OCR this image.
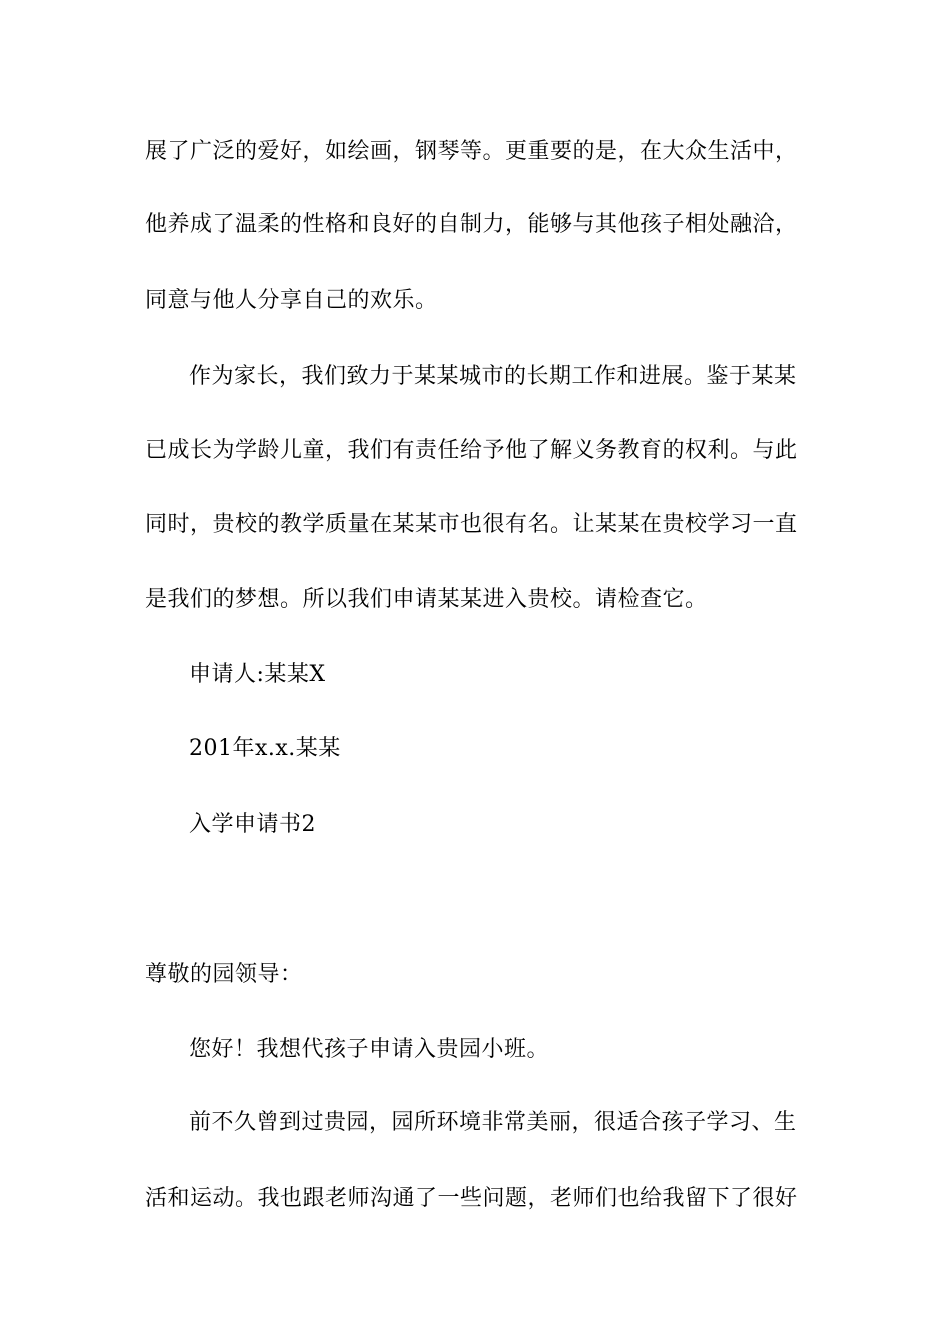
展了广泛的爱好，如绘画，钢琴等。更重要的是，在大众生活中，
他养成了温柔的性格和良好的自制力，能够与其他孩子相处融洽，
同意与他人分享自己的欢乐。
作为家长，我们致力于某某城市的长期工作和进展。鉴于某某
已成长为学龄儿童，我们有责任给予他了解义务教育的权利。与此
同时，贵校的教学质量在某某市也很有名。让某某在贵校学习一直
是我们的梦想。所以我们申请某某进入贵校。请检查它。
申请人:某某X
201年x.x.某某
入学申请书2
尊敬的园领导：
您好！我想代孩子申请入贵园小班。
前不久曾到过贵园，园所环境非常美丽，很适合孩子学习、生
活和运动。我也跟老师沟通了一些问题，老师们也给我留下了很好
